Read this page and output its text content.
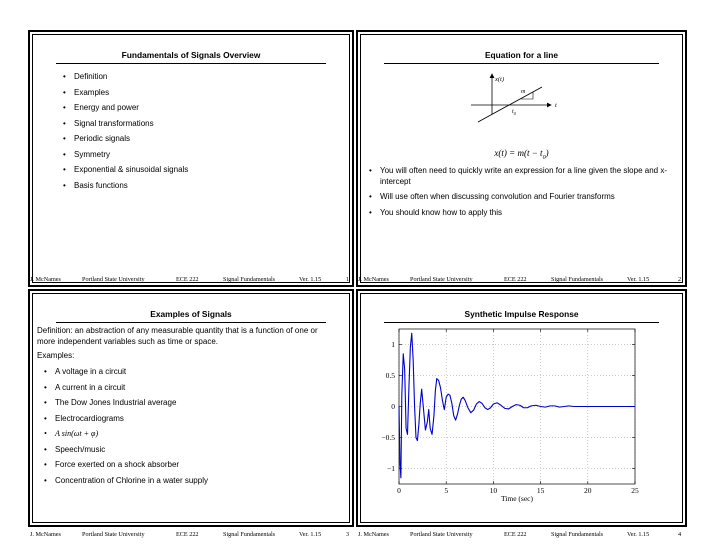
Fundamentals of Signals Overview
• Definition
• Examples
• Energy and power
• Signal transformations
• Periodic signals
• Symmetry
• Exponential & sinusoidal signals
• Basis functions
J. McNames	Portland State University	ECE 222	Signal Fundamentals	Ver. 1.15	1
Equation for a line
x(t)
t
m
$t_0$
$x(t) = m(t - t_0)$
• You will often need to quickly write an expression for a line given the slope and x-intercept
• Will use often when discussing convolution and Fourier transforms
• You should know how to apply this
J. McNames	Portland State University	ECE 222	Signal Fundamentals	Ver. 1.15	2
Examples of Signals
Definition: an abstraction of any measurable quantity that is a function of one or more independent variables such as time or space.
Examples:
• A voltage in a circuit
• A current in a circuit
• The Dow Jones Industrial average
• Electrocardiograms
• A sin(ωt + φ)
• Speech/music
• Force exerted on a shock absorber
• Concentration of Chlorine in a water supply
J. McNames	Portland State University	ECE 222	Signal Fundamentals	Ver. 1.15	3
Synthetic Impulse Response
0	5	10	15	20	25
1
0.5
0
−0.5
−1
Time (sec)
J. McNames	Portland State University	ECE 222	Signal Fundamentals	Ver. 1.15	4
